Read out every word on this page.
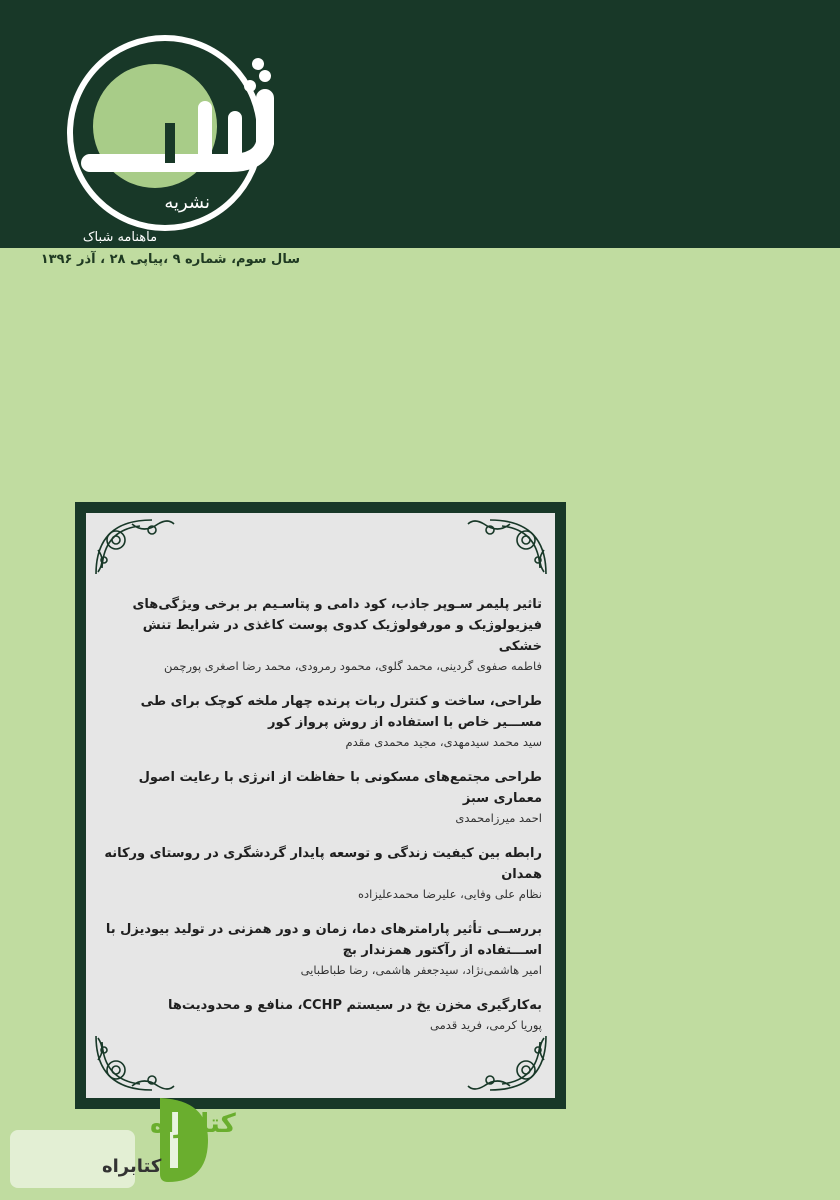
نشریه
ماهنامه شباک
سال سوم، شماره ۹ ،پیاپی ۲۸ ، آذر ۱۳۹۶
تاثیر پلیمر سـوپر جاذب، کود دامی و پتاسـیم بر برخی ویژگی‌های فیزیولوژیک و مورفولوژیک کدوی پوست کاغذی در شرایط تنش خشکی
فاطمه صفوی گردینی، محمد گلوی، محمود رمرودی، محمد رضا اصغری پورچمن
طراحی، ساخت و کنترل ربات پرنده چهار ملخه کوچک برای طی مســـیر خاص با استفاده از روش پرواز کور
سید محمد سیدمهدی، مجید محمدی مقدم
طراحی مجتمع‌های مسکونی با حفاظت از انرژی با رعایت اصول معماری سبز
احمد میرزامحمدی
رابطه بین کیفیت زندگی و توسعه پایدار گردشگری در روستای ورکانه همدان
نظام علی وفایی، علیرضا محمدعلیزاده
بررســی تأثیر پارامترهای دما، زمان و دور همزنی در تولید بیودیزل با اســـتفاده از رآکتور همزندار بچ
امیر هاشمی‌نژاد، سیدجعفر هاشمی، رضا طباطبایی
به‌کارگیری مخزن یخ در سیستم CCHP، منافع و محدودیت‌ها
پوریا کرمی، فرید قدمی
کتابراه
کتابراه
